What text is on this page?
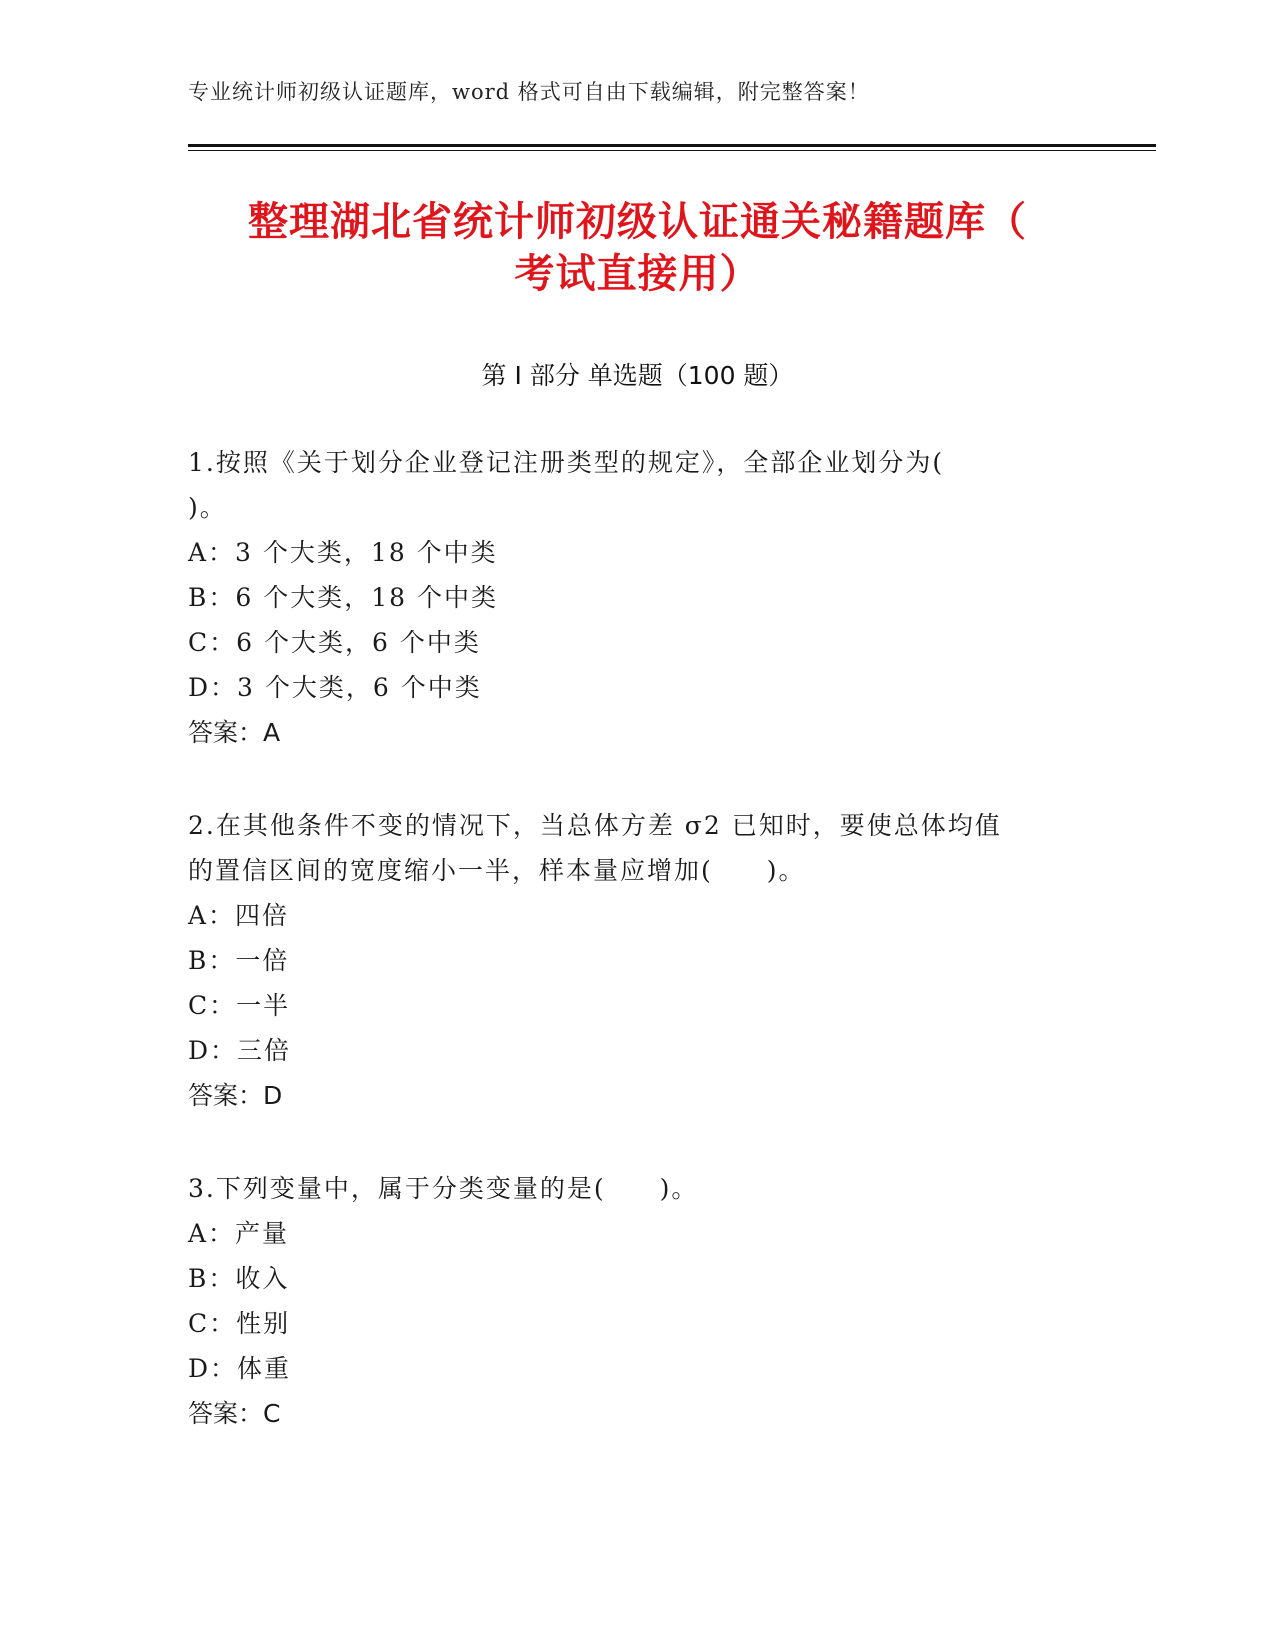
专业统计师初级认证题库，word 格式可自由下载编辑，附完整答案！
整理湖北省统计师初级认证通关秘籍题库（
考试直接用）
第 I 部分 单选题（100 题）

1.按照《关于划分企业登记注册类型的规定》，全部企业划分为(

)。

A：3 个大类，18 个中类

B：6 个大类，18 个中类

C：6 个大类，6 个中类

D：3 个大类，6 个中类

答案：A

2.在其他条件不变的情况下，当总体方差 σ2 已知时，要使总体均值

的置信区间的宽度缩小一半，样本量应增加(　　)。

A：四倍

B：一倍

C：一半

D：三倍

答案：D

3.下列变量中，属于分类变量的是(　　)。

A：产量

B：收入

C：性别

D：体重

答案：C
